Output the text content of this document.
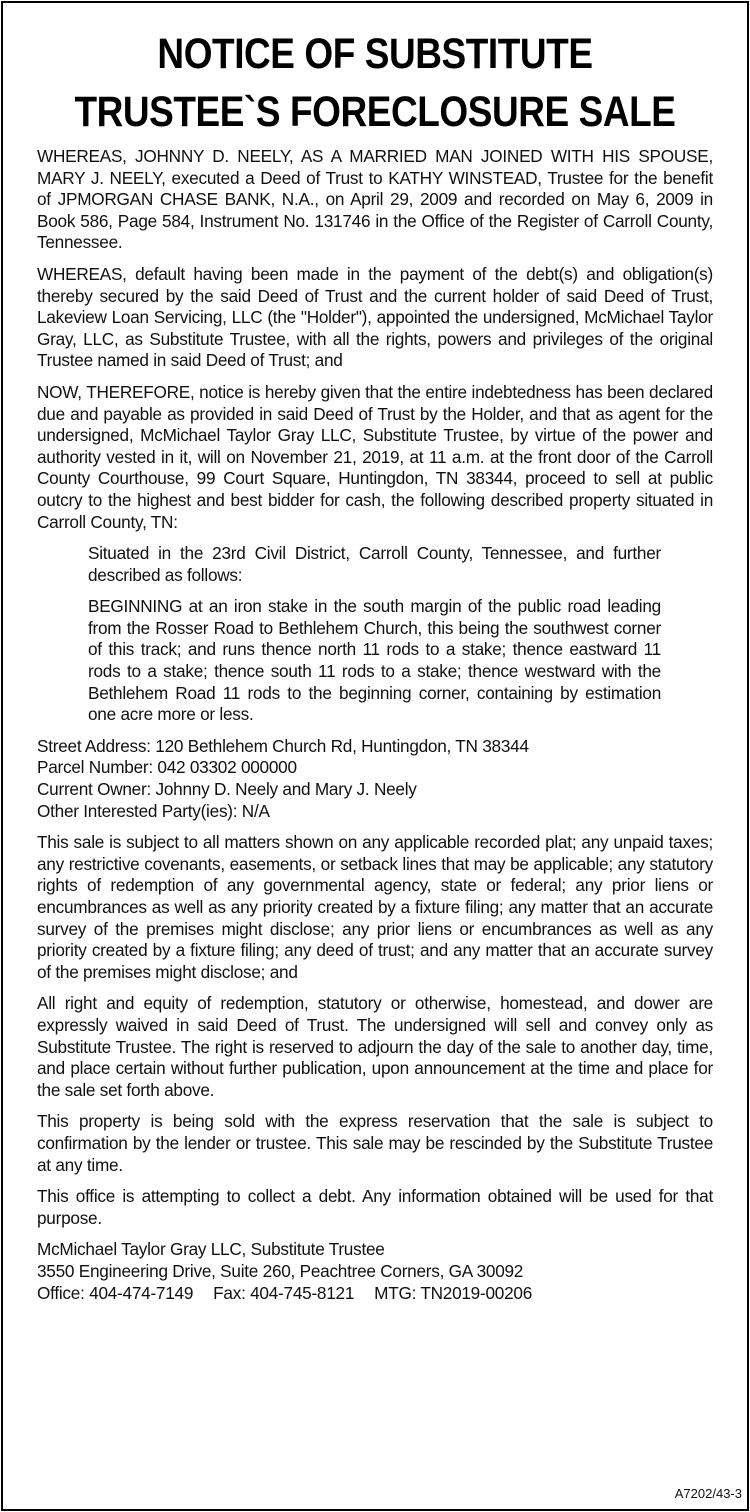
NOTICE OF SUBSTITUTE
TRUSTEE`S FORECLOSURE SALE

WHEREAS, JOHNNY D. NEELY, AS A MARRIED MAN JOINED WITH HIS SPOUSE, MARY J. NEELY, executed a Deed of Trust to KATHY WINSTEAD, Trustee for the benefit of JPMORGAN CHASE BANK, N.A., on April 29, 2009 and recorded on May 6, 2009 in Book 586, Page 584, Instrument No. 131746 in the Office of the Register of Carroll County, Tennessee.

WHEREAS, default having been made in the payment of the debt(s) and obligation(s) thereby secured by the said Deed of Trust and the current holder of said Deed of Trust, Lakeview Loan Servicing, LLC (the "Holder"), appointed the undersigned, McMichael Taylor Gray, LLC, as Substitute Trustee, with all the rights, powers and privileges of the original Trustee named in said Deed of Trust; and

NOW, THEREFORE, notice is hereby given that the entire indebtedness has been declared due and payable as provided in said Deed of Trust by the Holder, and that as agent for the undersigned, McMichael Taylor Gray LLC, Substitute Trustee, by virtue of the power and authority vested in it, will on November 21, 2019, at 11 a.m. at the front door of the Carroll County Courthouse, 99 Court Square, Huntingdon, TN 38344, proceed to sell at public outcry to the highest and best bidder for cash, the following described property situated in Carroll County, TN:

Situated in the 23rd Civil District, Carroll County, Tennessee, and further described as follows:

BEGINNING at an iron stake in the south margin of the public road leading from the Rosser Road to Bethlehem Church, this being the southwest corner of this track; and runs thence north 11 rods to a stake; thence eastward 11 rods to a stake; thence south 11 rods to a stake; thence westward with the Bethlehem Road 11 rods to the beginning corner, containing by estimation one acre more or less.

Street Address: 120 Bethlehem Church Rd, Huntingdon, TN 38344

Parcel Number: 042 03302 000000

Current Owner: Johnny D. Neely and Mary J. Neely

Other Interested Party(ies): N/A

This sale is subject to all matters shown on any applicable recorded plat; any unpaid taxes; any restrictive covenants, easements, or setback lines that may be applicable; any statutory rights of redemption of any governmental agency, state or federal; any prior liens or encumbrances as well as any priority created by a fixture filing; any matter that an accurate survey of the premises might disclose; any prior liens or encumbrances as well as any priority created by a fixture filing; any deed of trust; and any matter that an accurate survey of the premises might disclose; and

All right and equity of redemption, statutory or otherwise, homestead, and dower are expressly waived in said Deed of Trust. The undersigned will sell and convey only as Substitute Trustee. The right is reserved to adjourn the day of the sale to another day, time, and place certain without further publication, upon announcement at the time and place for the sale set forth above.

This property is being sold with the express reservation that the sale is subject to confirmation by the lender or trustee. This sale may be rescinded by the Substitute Trustee at any time.

This office is attempting to collect a debt. Any information obtained will be used for that purpose.

McMichael Taylor Gray LLC, Substitute Trustee

3550 Engineering Drive, Suite 260, Peachtree Corners, GA 30092

Office: 404-474-7149 Fax: 404-745-8121 MTG: TN2019-00206

A7202/43-3
